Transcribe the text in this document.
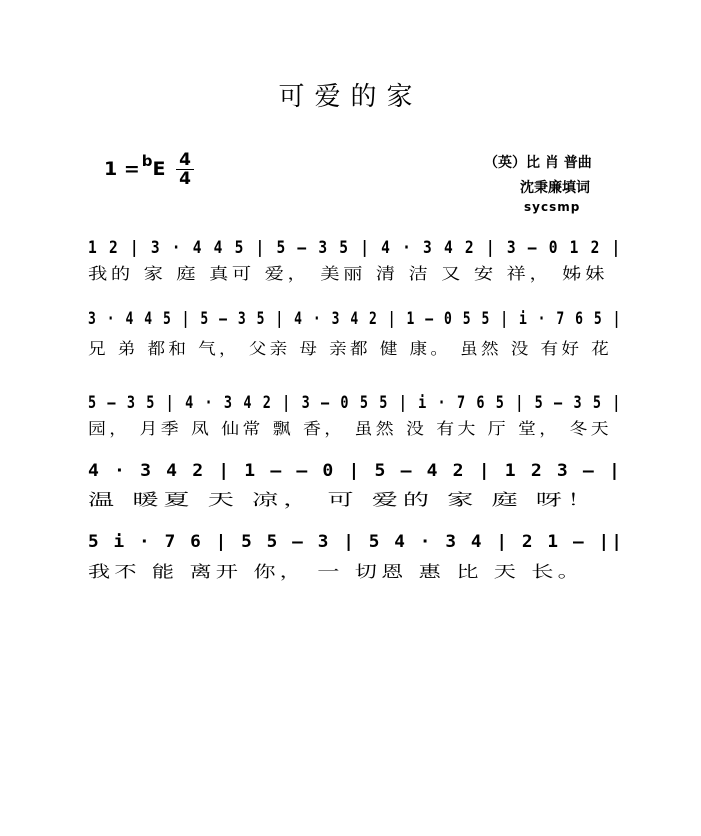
可爱的家
1 = $^b$E 4
4
（英）比 肖 普曲
沈秉廉填词
sycsmp
1 2 | 3 · 4 4 5 | 5 – 3 5 | 4 · 3 4 2 | 3 – 0 1 2 |
我的 家 庭 真可 爱， 美丽 清 洁 又 安 祥， 姊妹
3 · 4 4 5 | 5 – 3 5 | 4 · 3 4 2 | 1 – 0 5 5 | i · 7 6 5 |
兄 弟 都和 气， 父亲 母 亲都 健 康。 虽然 没 有好 花
5 – 3 5 | 4 · 3 4 2 | 3 – 0 5 5 | i · 7 6 5 | 5 – 3 5 |
园， 月季 凤 仙常 飘 香， 虽然 没 有大 厅 堂， 冬天
4 · 3 4 2 | 1 – – 0 | 5 – 4 2 | 1 2 3 – |
温 暖夏 天 凉， 可 爱的 家 庭 呀！
5 i · 7 6 | 5 5 – 3 | 5 4 · 3 4 | 2 1 – ||
我不 能 离开 你， 一 切恩 惠 比 天 长。
